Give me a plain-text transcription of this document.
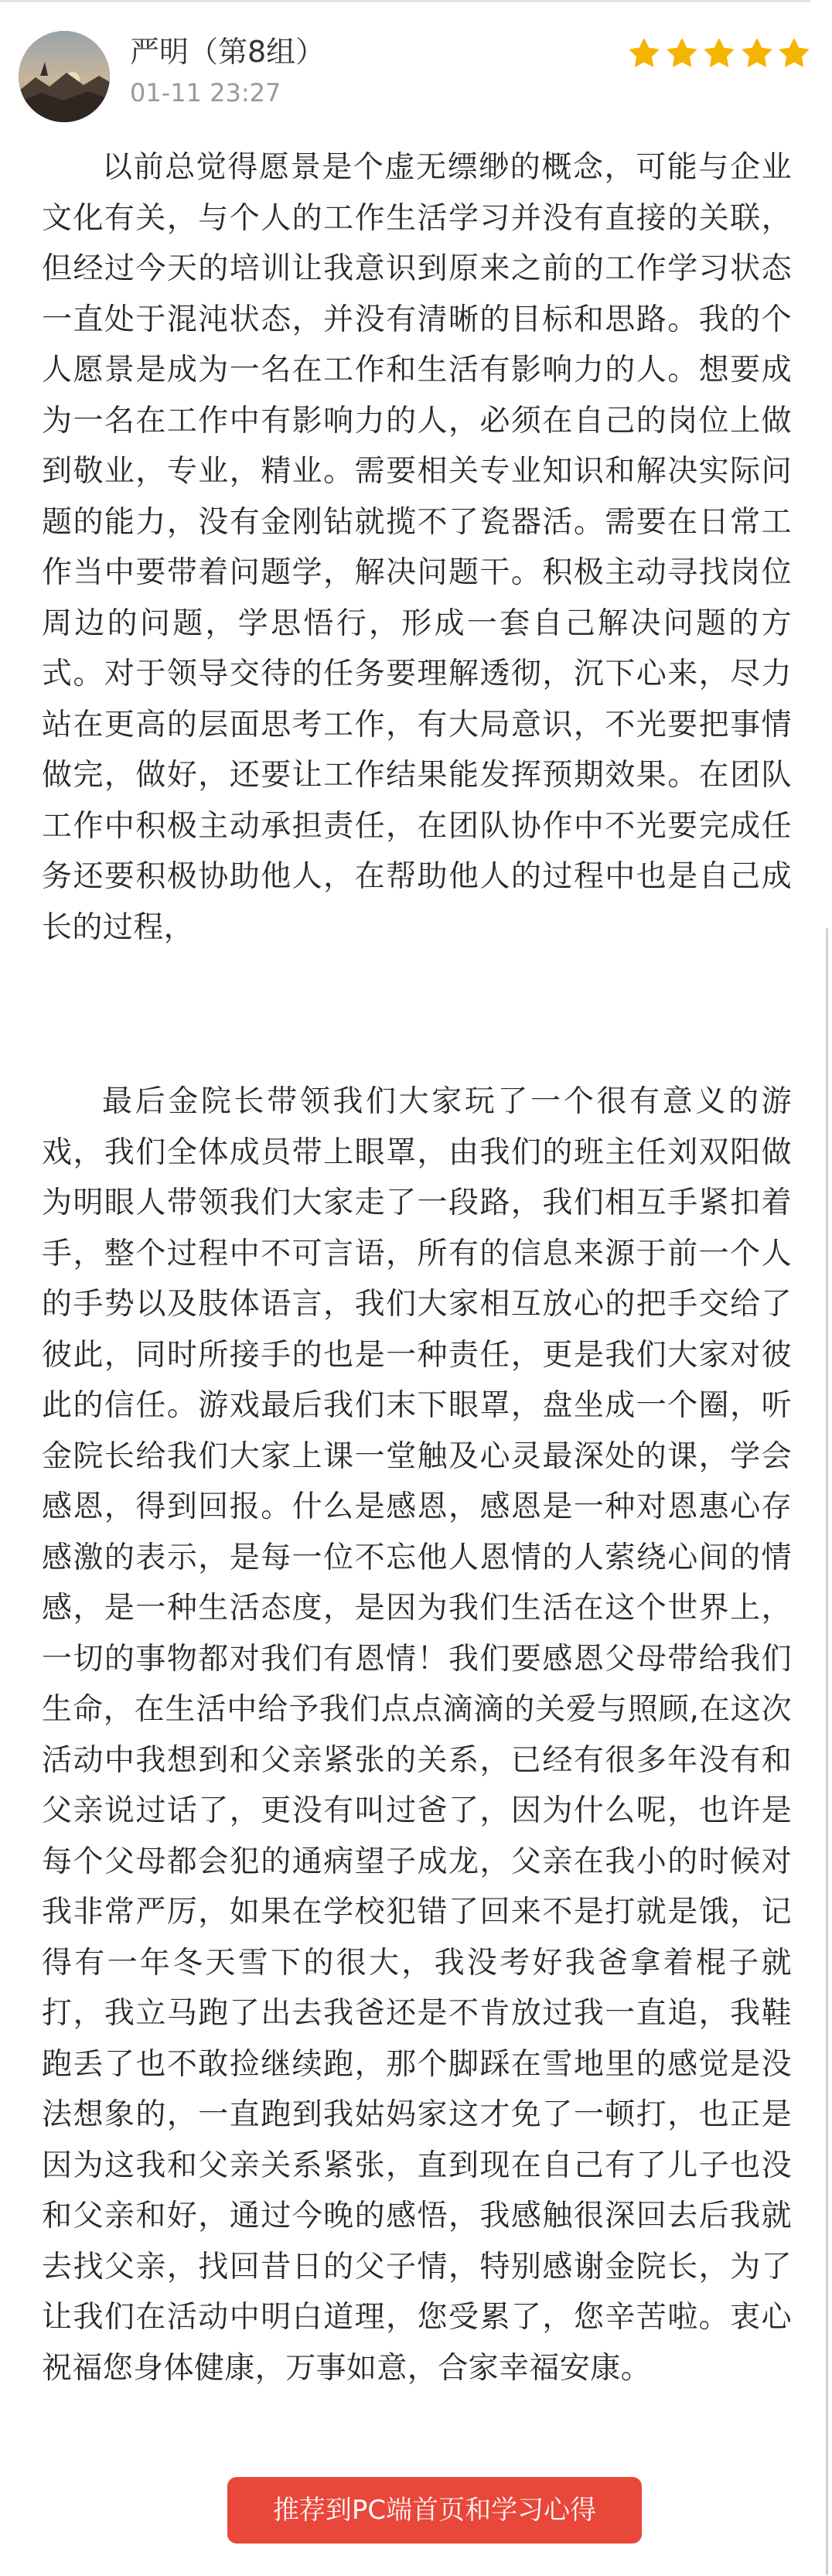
严明（第8组）
01-11 23:27

以前总觉得愿景是个虚无缥缈的概念，可能与企业文化有关，与个人的工作生活学习并没有直接的关联，但经过今天的培训让我意识到原来之前的工作学习状态一直处于混沌状态，并没有清晰的目标和思路。我的个人愿景是成为一名在工作和生活有影响力的人。想要成为一名在工作中有影响力的人，必须在自己的岗位上做到敬业，专业，精业。需要相关专业知识和解决实际问题的能力，没有金刚钻就揽不了瓷器活。需要在日常工作当中要带着问题学，解决问题干。积极主动寻找岗位周边的问题，学思悟行，形成一套自己解决问题的方式。对于领导交待的任务要理解透彻，沉下心来，尽力站在更高的层面思考工作，有大局意识，不光要把事情做完，做好，还要让工作结果能发挥预期效果。在团队工作中积极主动承担责任，在团队协作中不光要完成任务还要积极协助他人，在帮助他人的过程中也是自己成长的过程，

最后金院长带领我们大家玩了一个很有意义的游戏，我们全体成员带上眼罩，由我们的班主任刘双阳做为明眼人带领我们大家走了一段路，我们相互手紧扣着手，整个过程中不可言语，所有的信息来源于前一个人的手势以及肢体语言，我们大家相互放心的把手交给了彼此，同时所接手的也是一种责任，更是我们大家对彼此的信任。游戏最后我们末下眼罩，盘坐成一个圈，听金院长给我们大家上课一堂触及心灵最深处的课，学会感恩，得到回报。什么是感恩，感恩是一种对恩惠心存感激的表示，是每一位不忘他人恩情的人萦绕心间的情感，是一种生活态度，是因为我们生活在这个世界上，一切的事物都对我们有恩情！我们要感恩父母带给我们生命，在生活中给予我们点点滴滴的关爱与照顾,在这次活动中我想到和父亲紧张的关系，已经有很多年没有和父亲说过话了，更没有叫过爸了，因为什么呢，也许是每个父母都会犯的通病望子成龙，父亲在我小的时候对我非常严厉，如果在学校犯错了回来不是打就是饿，记得有一年冬天雪下的很大，我没考好我爸拿着棍子就打，我立马跑了出去我爸还是不肯放过我一直追，我鞋跑丢了也不敢捡继续跑，那个脚踩在雪地里的感觉是没法想象的，一直跑到我姑妈家这才免了一顿打，也正是因为这我和父亲关系紧张，直到现在自己有了儿子也没和父亲和好，通过今晚的感悟，我感触很深回去后我就去找父亲，找回昔日的父子情，特别感谢金院长，为了让我们在活动中明白道理，您受累了，您辛苦啦。衷心祝福您身体健康，万事如意，合家幸福安康。

推荐到PC端首页和学习心得
